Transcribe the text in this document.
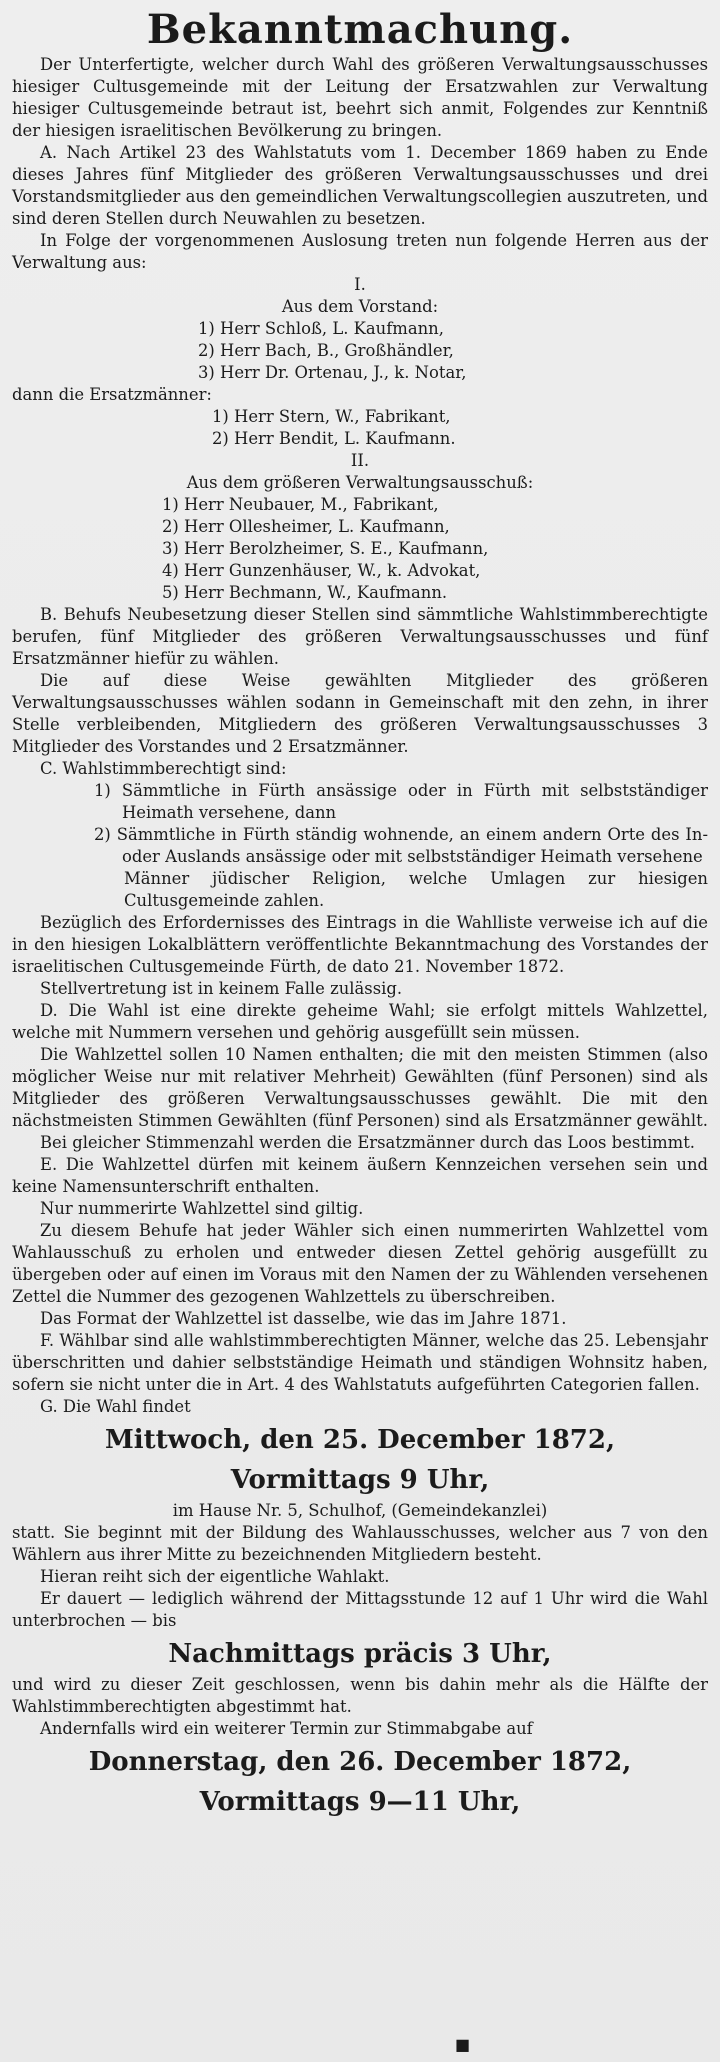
Bekanntmachung.

Der Unterfertigte, welcher durch Wahl des größeren Verwaltungsausschusses hiesiger Cultusgemeinde mit der Leitung der Ersatzwahlen zur Verwaltung hiesiger Cultusgemeinde betraut ist, beehrt sich anmit, Folgendes zur Kenntniß der hiesigen israelitischen Bevölkerung zu bringen.

A. Nach Artikel 23 des Wahlstatuts vom 1. December 1869 haben zu Ende dieses Jahres fünf Mitglieder des größeren Verwaltungsausschusses und drei Vorstandsmitglieder aus den gemeindlichen Verwaltungscollegien auszutreten, und sind deren Stellen durch Neuwahlen zu besetzen.

In Folge der vorgenommenen Auslosung treten nun folgende Herren aus der Verwaltung aus:

I.
Aus dem Vorstand:
1) Herr Schloß, L. Kaufmann,
2) Herr Bach, B., Großhändler,
3) Herr Dr. Ortenau, J., k. Notar,

dann die Ersatzmänner:

1) Herr Stern, W., Fabrikant,
2) Herr Bendit, L. Kaufmann.
II.
Aus dem größeren Verwaltungsausschuß:
1) Herr Neubauer, M., Fabrikant,
2) Herr Ollesheimer, L. Kaufmann,
3) Herr Berolzheimer, S. E., Kaufmann,
4) Herr Gunzenhäuser, W., k. Advokat,
5) Herr Bechmann, W., Kaufmann.

B. Behufs Neubesetzung dieser Stellen sind sämmtliche Wahlstimmberechtigte berufen, fünf Mitglieder des größeren Verwaltungsausschusses und fünf Ersatzmänner hiefür zu wählen.

Die auf diese Weise gewählten Mitglieder des größeren Verwaltungsausschusses wählen sodann in Gemeinschaft mit den zehn, in ihrer Stelle verbleibenden, Mitgliedern des größeren Verwaltungsausschusses 3 Mitglieder des Vorstandes und 2 Ersatzmänner.

C. Wahlstimmberechtigt sind:

1) Sämmtliche in Fürth ansässige oder in Fürth mit selbstständiger Heimath versehene, dann

2) Sämmtliche in Fürth ständig wohnende, an einem andern Orte des In- oder Auslands ansässige oder mit selbstständiger Heimath versehene

Männer jüdischer Religion, welche Umlagen zur hiesigen Cultusgemeinde zahlen.

Bezüglich des Erfordernisses des Eintrags in die Wahlliste verweise ich auf die in den hiesigen Lokalblättern veröffentlichte Bekanntmachung des Vorstandes der israelitischen Cultusgemeinde Fürth, de dato 21. November 1872.

Stellvertretung ist in keinem Falle zulässig.

D. Die Wahl ist eine direkte geheime Wahl; sie erfolgt mittels Wahlzettel, welche mit Nummern versehen und gehörig ausgefüllt sein müssen.

Die Wahlzettel sollen 10 Namen enthalten; die mit den meisten Stimmen (also möglicher Weise nur mit relativer Mehrheit) Gewählten (fünf Personen) sind als Mitglieder des größeren Verwaltungsausschusses gewählt. Die mit den nächstmeisten Stimmen Gewählten (fünf Personen) sind als Ersatzmänner gewählt.

Bei gleicher Stimmenzahl werden die Ersatzmänner durch das Loos bestimmt.

E. Die Wahlzettel dürfen mit keinem äußern Kennzeichen versehen sein und keine Namensunterschrift enthalten.

Nur nummerirte Wahlzettel sind giltig.

Zu diesem Behufe hat jeder Wähler sich einen nummerirten Wahlzettel vom Wahlausschuß zu erholen und entweder diesen Zettel gehörig ausgefüllt zu übergeben oder auf einen im Voraus mit den Namen der zu Wählenden versehenen Zettel die Nummer des gezogenen Wahlzettels zu überschreiben.

Das Format der Wahlzettel ist dasselbe, wie das im Jahre 1871.

F. Wählbar sind alle wahlstimmberechtigten Männer, welche das 25. Lebensjahr überschritten und dahier selbstständige Heimath und ständigen Wohnsitz haben, sofern sie nicht unter die in Art. 4 des Wahlstatuts aufgeführten Categorien fallen.

G. Die Wahl findet

Mittwoch, den 25. December 1872,
Vormittags 9 Uhr,
im Hause Nr. 5, Schulhof, (Gemeindekanzlei)

statt. Sie beginnt mit der Bildung des Wahlausschusses, welcher aus 7 von den Wählern aus ihrer Mitte zu bezeichnenden Mitgliedern besteht.

Hieran reiht sich der eigentliche Wahlakt.

Er dauert — lediglich während der Mittagsstunde 12 auf 1 Uhr wird die Wahl unterbrochen — bis

Nachmittags präcis 3 Uhr,

und wird zu dieser Zeit geschlossen, wenn bis dahin mehr als die Hälfte der Wahlstimmberechtigten abgestimmt hat.

Andernfalls wird ein weiterer Termin zur Stimmabgabe auf

Donnerstag, den 26. December 1872,
Vormittags 9—11 Uhr,
■
